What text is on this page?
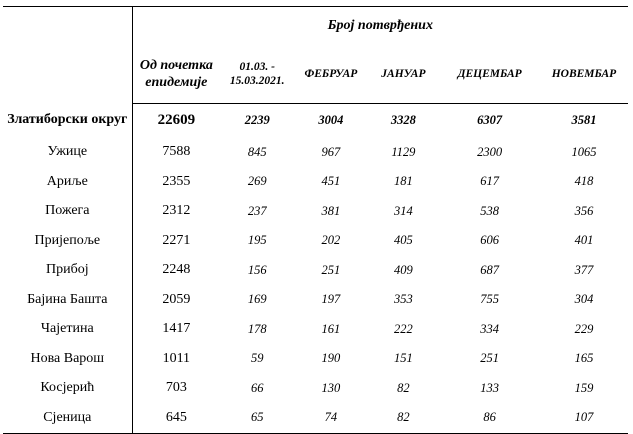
	Број потврђених					
	Од почетка епидемије	01.03. - 15.03.2021.	ФЕБРУАР	ЈАНУАР	ДЕЦЕМБАР	НОВЕМБАР
Златиборски округ	22609	2239	3004	3328	6307	3581
Ужице	7588	845	967	1129	2300	1065
Ариље	2355	269	451	181	617	418
Пожега	2312	237	381	314	538	356
Пријепоље	2271	195	202	405	606	401
Прибој	2248	156	251	409	687	377
Бајина Башта	2059	169	197	353	755	304
Чајетина	1417	178	161	222	334	229
Нова Варош	1011	59	190	151	251	165
Косјерић	703	66	130	82	133	159
Сјеница	645	65	74	82	86	107
